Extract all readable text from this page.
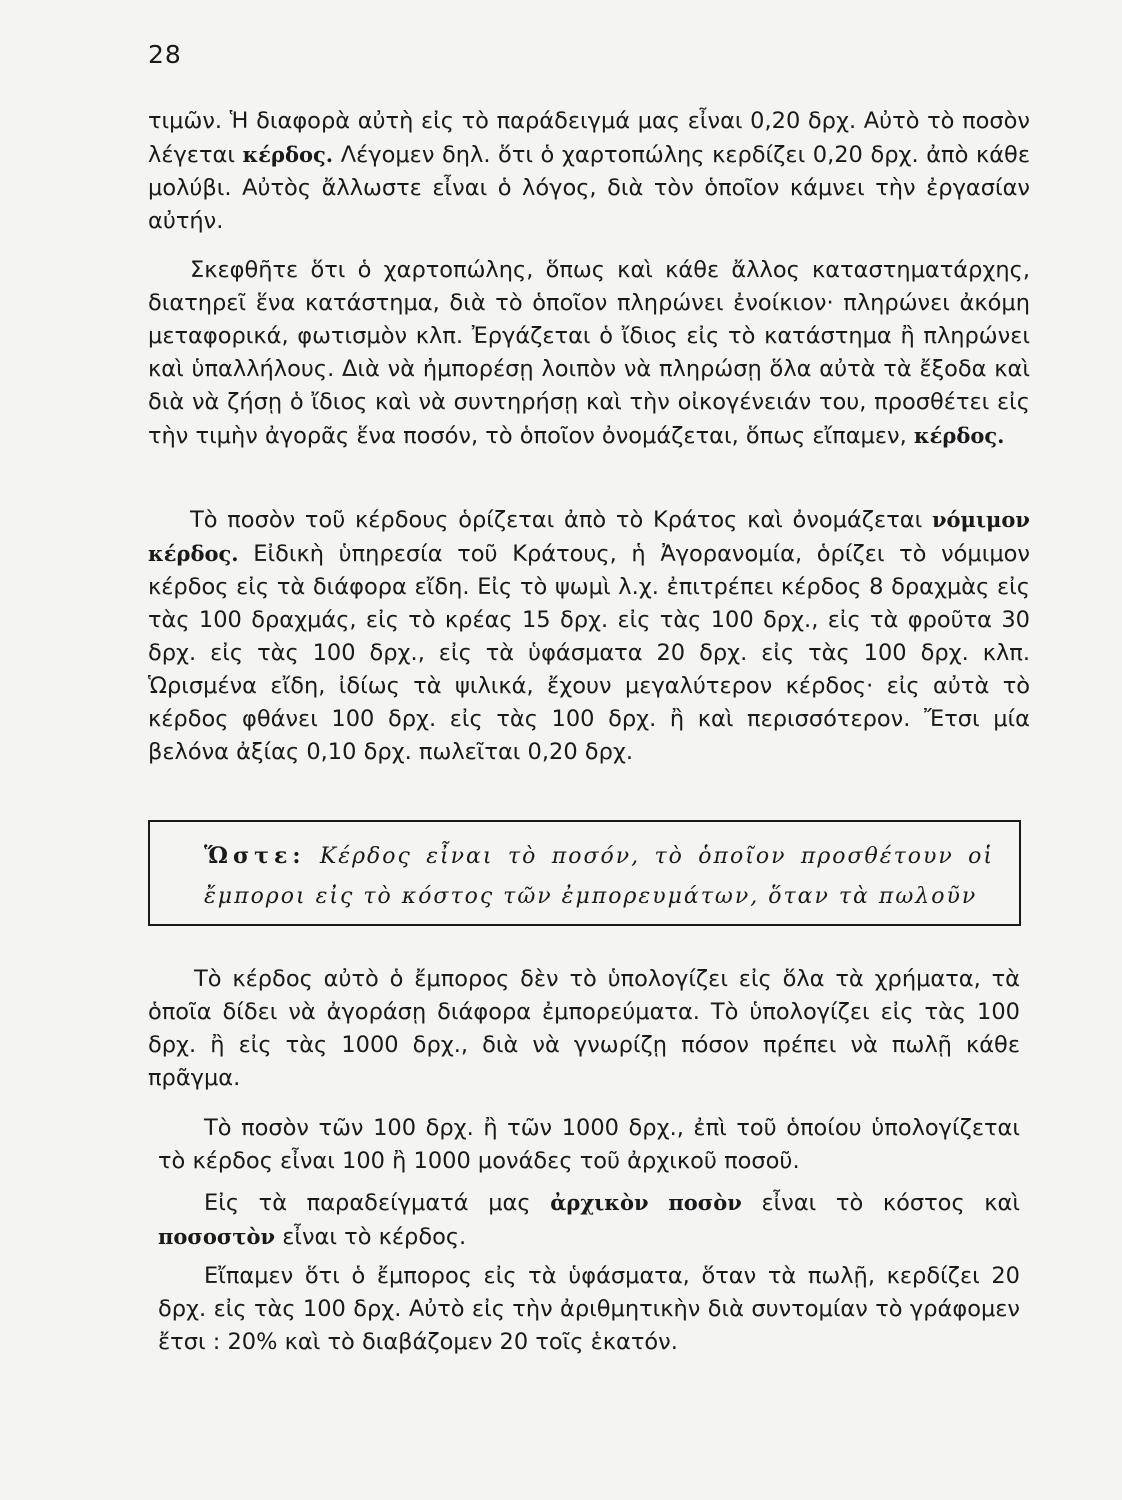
28

τιμῶν. Ἡ διαφορὰ αὐτὴ εἰς τὸ παράδειγμά μας εἶναι 0,20 δρχ. Αὐτὸ τὸ ποσὸν λέγεται κέρδος. Λέγομεν δηλ. ὅτι ὁ χαρτοπώλης κερδίζει 0,20 δρχ. ἀπὸ κάθε μολύβι. Αὐτὸς ἄλλωστε εἶναι ὁ λόγος, διὰ τὸν ὁποῖον κάμνει τὴν ἐργασίαν αὐτήν.

Σκεφθῆτε ὅτι ὁ χαρτοπώλης, ὅπως καὶ κάθε ἄλλος καταστηματάρχης, διατηρεῖ ἕνα κατάστημα, διὰ τὸ ὁποῖον πληρώνει ἐνοίκιον· πληρώνει ἀκόμη μεταφορικά, φωτισμὸν κλπ. Ἐργάζεται ὁ ἴδιος εἰς τὸ κατάστημα ἢ πληρώνει καὶ ὑπαλλήλους. Διὰ νὰ ἠμπορέσῃ λοιπὸν νὰ πληρώσῃ ὅλα αὐτὰ τὰ ἔξοδα καὶ διὰ νὰ ζήσῃ ὁ ἴδιος καὶ νὰ συντηρήσῃ καὶ τὴν οἰκογένειάν του, προσθέτει εἰς τὴν τιμὴν ἀγορᾶς ἕνα ποσόν, τὸ ὁποῖον ὀνομάζεται, ὅπως εἴπαμεν, κέρδος.

Τὸ ποσὸν τοῦ κέρδους ὁρίζεται ἀπὸ τὸ Κράτος καὶ ὀνομάζεται νόμιμον κέρδος. Εἰδικὴ ὑπηρεσία τοῦ Κράτους, ἡ Ἀγορανομία, ὁρίζει τὸ νόμιμον κέρδος εἰς τὰ διάφορα εἴδη. Εἰς τὸ ψωμὶ λ.χ. ἐπιτρέπει κέρδος 8 δραχμὰς εἰς τὰς 100 δραχμάς, εἰς τὸ κρέας 15 δρχ. εἰς τὰς 100 δρχ., εἰς τὰ φροῦτα 30 δρχ. εἰς τὰς 100 δρχ., εἰς τὰ ὑφάσματα 20 δρχ. εἰς τὰς 100 δρχ. κλπ. Ὡρισμένα εἴδη, ἰδίως τὰ ψιλικά, ἔχουν μεγαλύτερον κέρδος· εἰς αὐτὰ τὸ κέρδος φθάνει 100 δρχ. εἰς τὰς 100 δρχ. ἢ καὶ περισσότερον. Ἔτσι μία βελόνα ἀξίας 0,10 δρχ. πωλεῖται 0,20 δρχ.

Ὥστε: Κέρδος εἶναι τὸ ποσόν, τὸ ὁποῖον προσθέτουν οἱ ἔμποροι εἰς τὸ κόστος τῶν ἐμπορευμάτων, ὅταν τὰ πωλοῦν

Τὸ κέρδος αὐτὸ ὁ ἔμπορος δὲν τὸ ὑπολογίζει εἰς ὅλα τὰ χρήματα, τὰ ὁποῖα δίδει νὰ ἀγοράσῃ διάφορα ἐμπορεύματα. Τὸ ὑπολογίζει εἰς τὰς 100 δρχ. ἢ εἰς τὰς 1000 δρχ., διὰ νὰ γνωρίζῃ πόσον πρέπει νὰ πωλῇ κάθε πρᾶγμα.

Τὸ ποσὸν τῶν 100 δρχ. ἢ τῶν 1000 δρχ., ἐπὶ τοῦ ὁποίου ὑπολογίζεται τὸ κέρδος εἶναι 100 ἢ 1000 μονάδες τοῦ ἀρχικοῦ ποσοῦ.

Εἰς τὰ παραδείγματά μας ἀρχικὸν ποσὸν εἶναι τὸ κόστος καὶ ποσοστὸν εἶναι τὸ κέρδος.

Εἴπαμεν ὅτι ὁ ἔμπορος εἰς τὰ ὑφάσματα, ὅταν τὰ πωλῇ, κερδίζει 20 δρχ. εἰς τὰς 100 δρχ. Αὐτὸ εἰς τὴν ἀριθμητικὴν διὰ συντομίαν τὸ γράφομεν ἔτσι : 20% καὶ τὸ διαβάζομεν 20 τοῖς ἑκατόν.
